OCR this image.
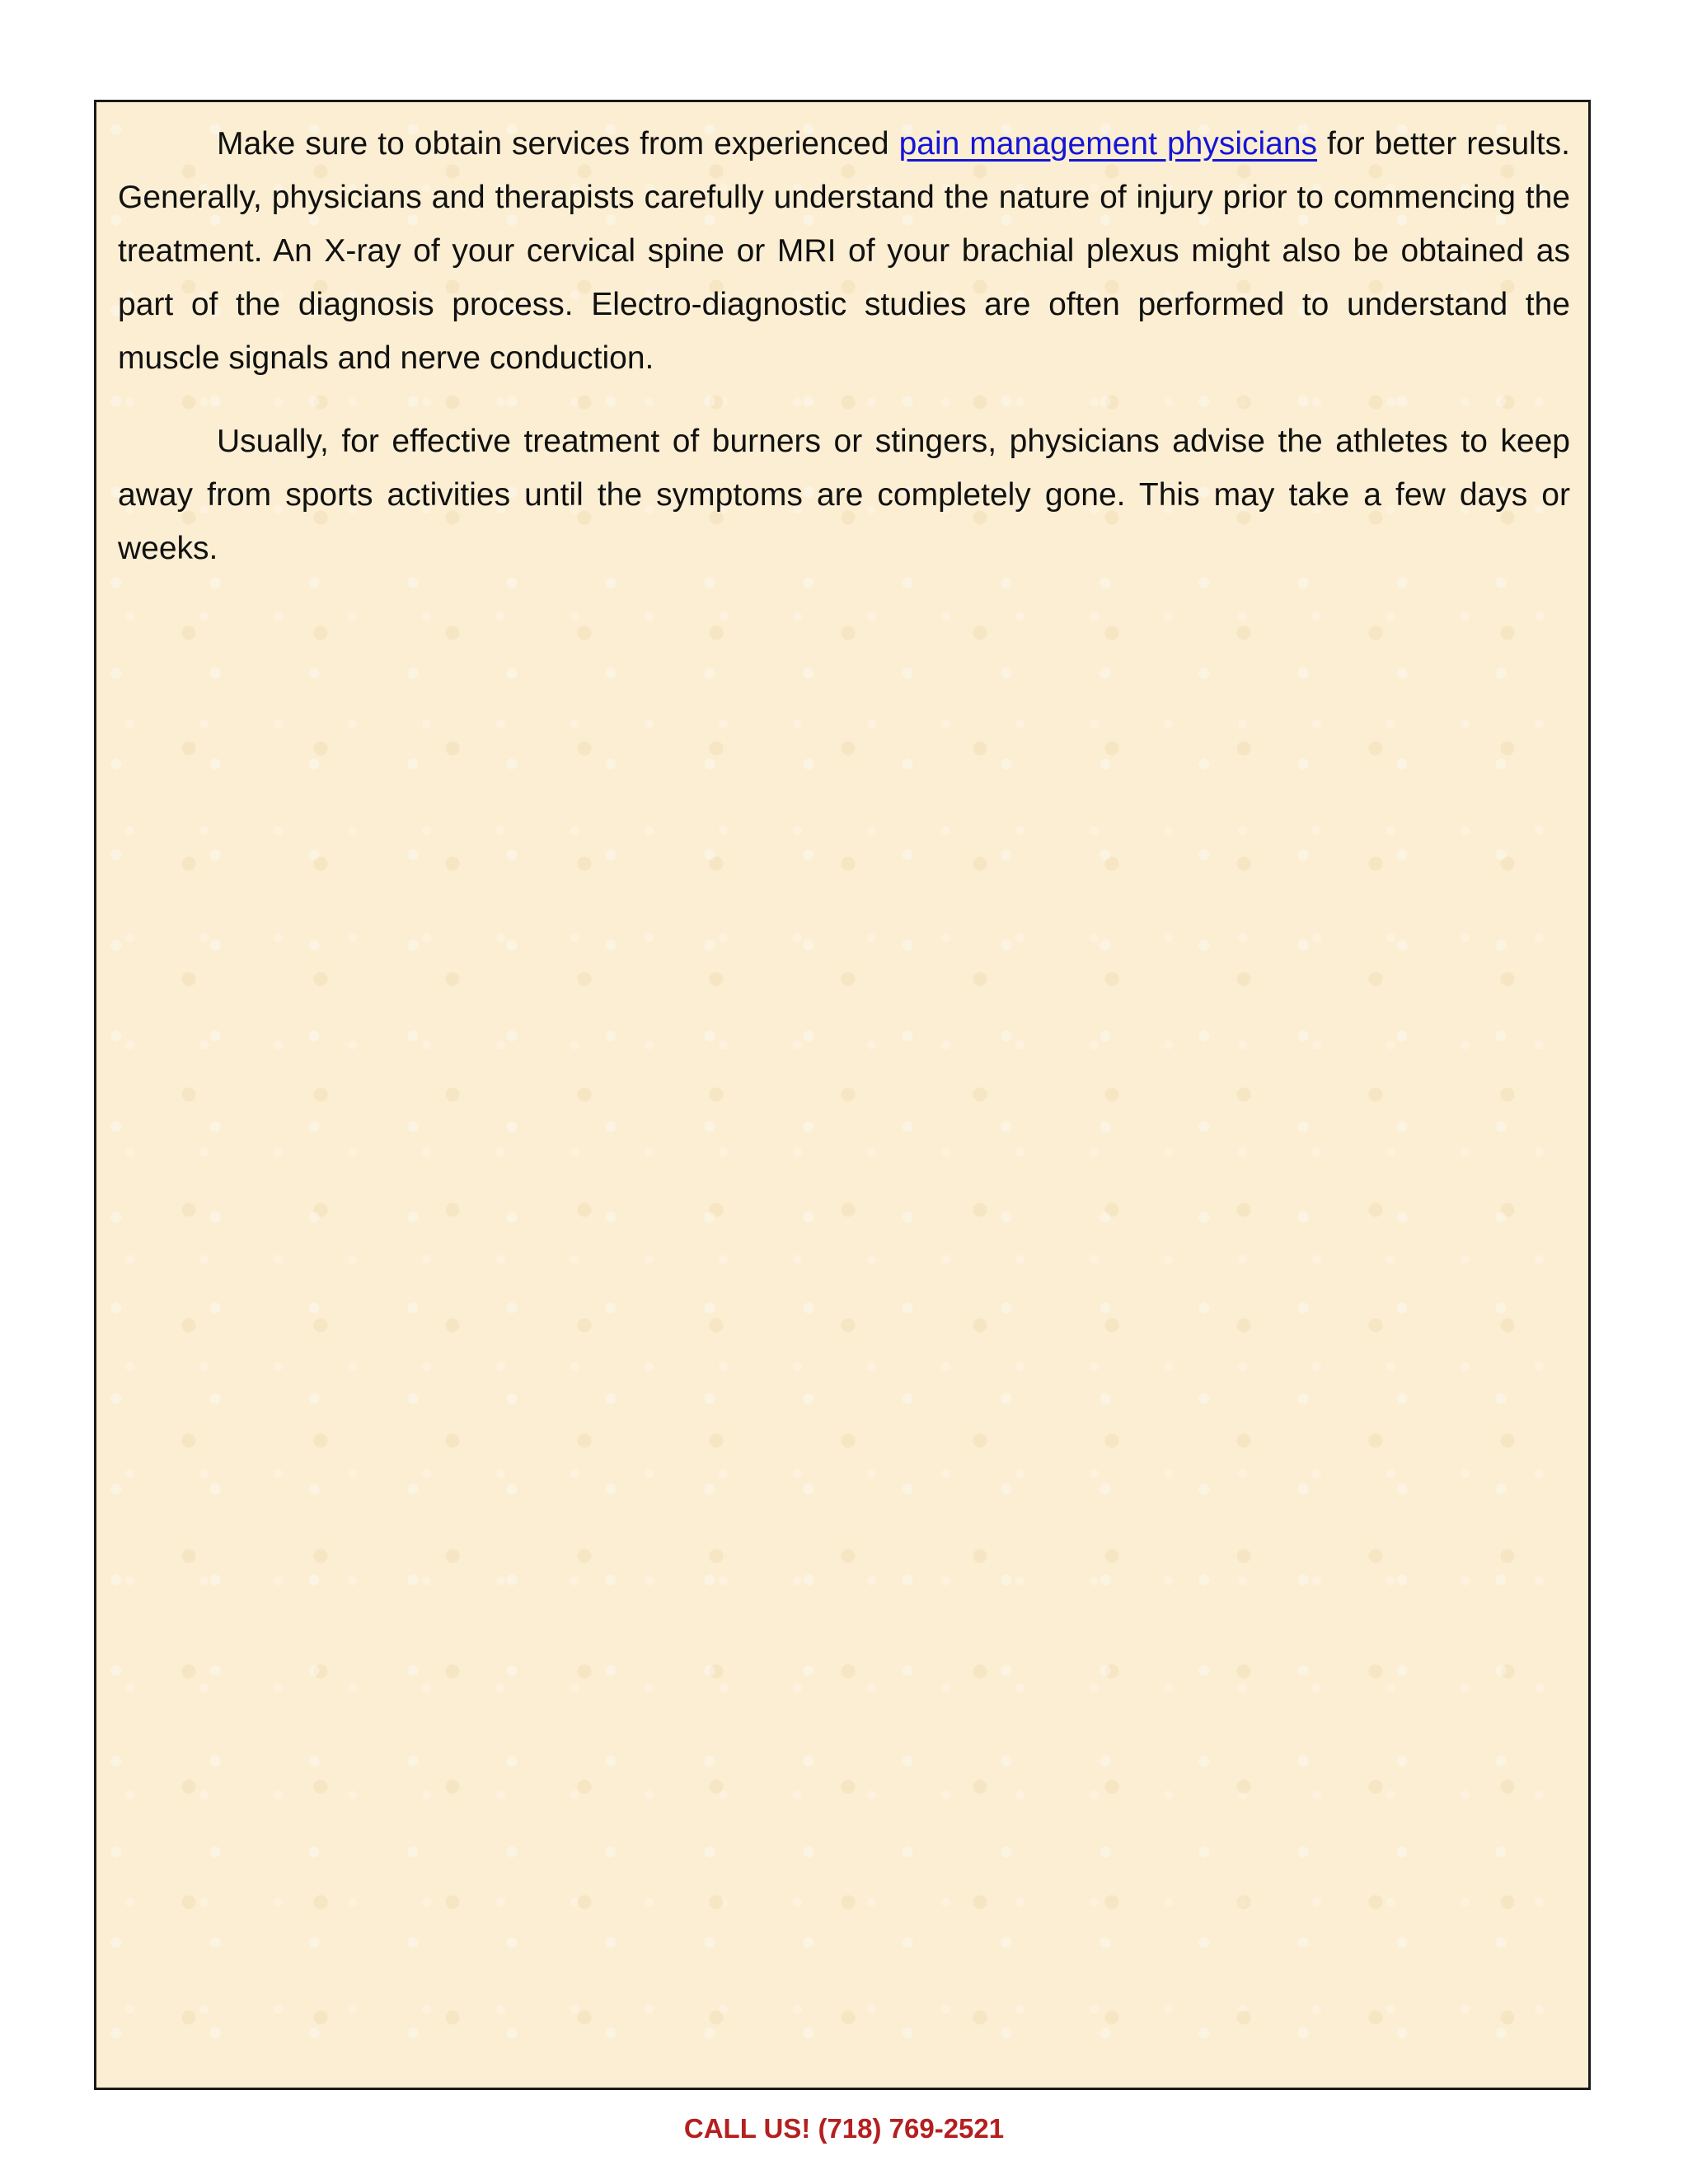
Make sure to obtain services from experienced pain management physicians for better results. Generally, physicians and therapists carefully understand the nature of injury prior to commencing the treatment. An X-ray of your cervical spine or MRI of your brachial plexus might also be obtained as part of the diagnosis process. Electro-diagnostic studies are often performed to understand the muscle signals and nerve conduction.

Usually, for effective treatment of burners or stingers, physicians advise the athletes to keep away from sports activities until the symptoms are completely gone. This may take a few days or weeks.

CALL US! (718) 769-2521
